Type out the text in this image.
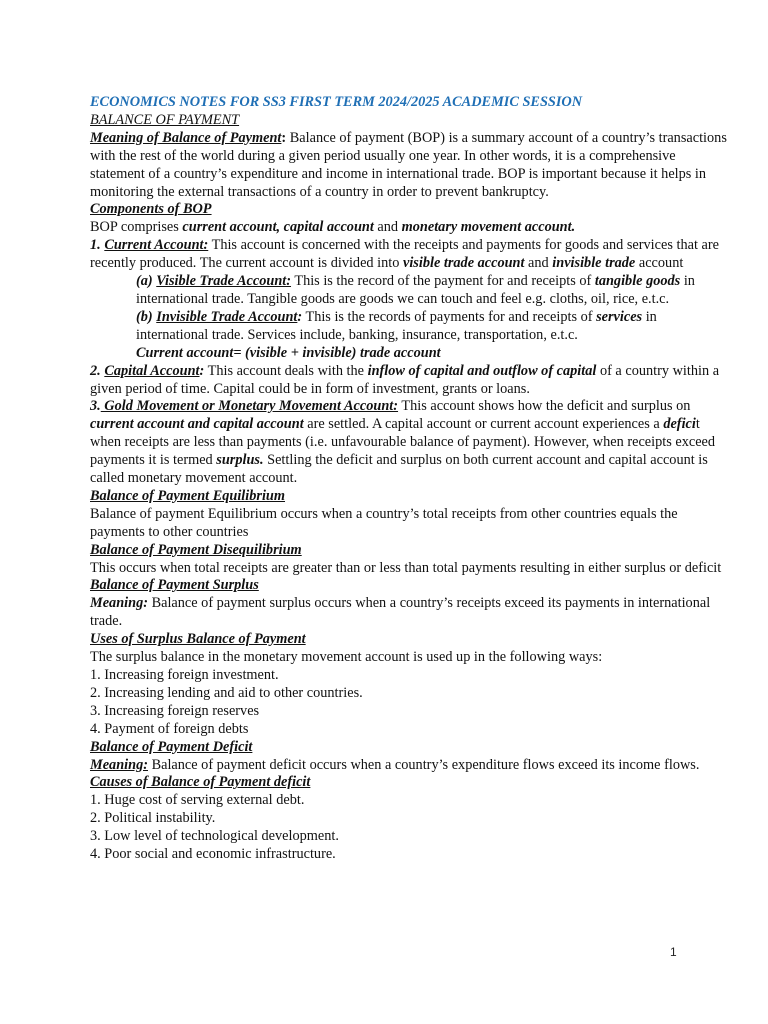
ECONOMICS NOTES FOR SS3 FIRST TERM 2024/2025 ACADEMIC SESSION

BALANCE OF PAYMENT

Meaning of Balance of Payment: Balance of payment (BOP) is a summary account of a country’s transactions with the rest of the world during a given period usually one year. In other words, it is a comprehensive statement of a country’s expenditure and income in international trade. BOP is important because it helps in monitoring the external transactions of a country in order to prevent bankruptcy.

Components of BOP

BOP comprises current account, capital account and monetary movement account.

1. Current Account: This account is concerned with the receipts and payments for goods and services that are recently produced. The current account is divided into visible trade account and invisible trade account

(a) Visible Trade Account: This is the record of the payment for and receipts of tangible goods in international trade. Tangible goods are goods we can touch and feel e.g. cloths, oil, rice, e.t.c.

(b) Invisible Trade Account: This is the records of payments for and receipts of services in international trade. Services include, banking, insurance, transportation, e.t.c.

Current account= (visible + invisible) trade account

2. Capital Account: This account deals with the inflow of capital and outflow of capital of a country within a given period of time. Capital could be in form of investment, grants or loans.

3. Gold Movement or Monetary Movement Account: This account shows how the deficit and surplus on current account and capital account are settled. A capital account or current account experiences a deficit when receipts are less than payments (i.e. unfavourable balance of payment). However, when receipts exceed payments it is termed surplus. Settling the deficit and surplus on both current account and capital account is called monetary movement account.

Balance of Payment Equilibrium

Balance of payment Equilibrium occurs when a country’s total receipts from other countries equals the payments to other countries

Balance of Payment Disequilibrium

This occurs when total receipts are greater than or less than total payments resulting in either surplus or deficit

Balance of Payment Surplus

Meaning: Balance of payment surplus occurs when a country’s receipts exceed its payments in international trade.

Uses of Surplus Balance of Payment

The surplus balance in the monetary movement account is used up in the following ways:

1. Increasing foreign investment.
2. Increasing lending and aid to other countries.
3. Increasing foreign reserves
4. Payment of foreign debts

Balance of Payment Deficit

Meaning: Balance of payment deficit occurs when a country’s expenditure flows exceed its income flows.

Causes of Balance of Payment deficit

1. Huge cost of serving external debt.
2. Political instability.
3. Low level of technological development.
4. Poor social and economic infrastructure.
1
